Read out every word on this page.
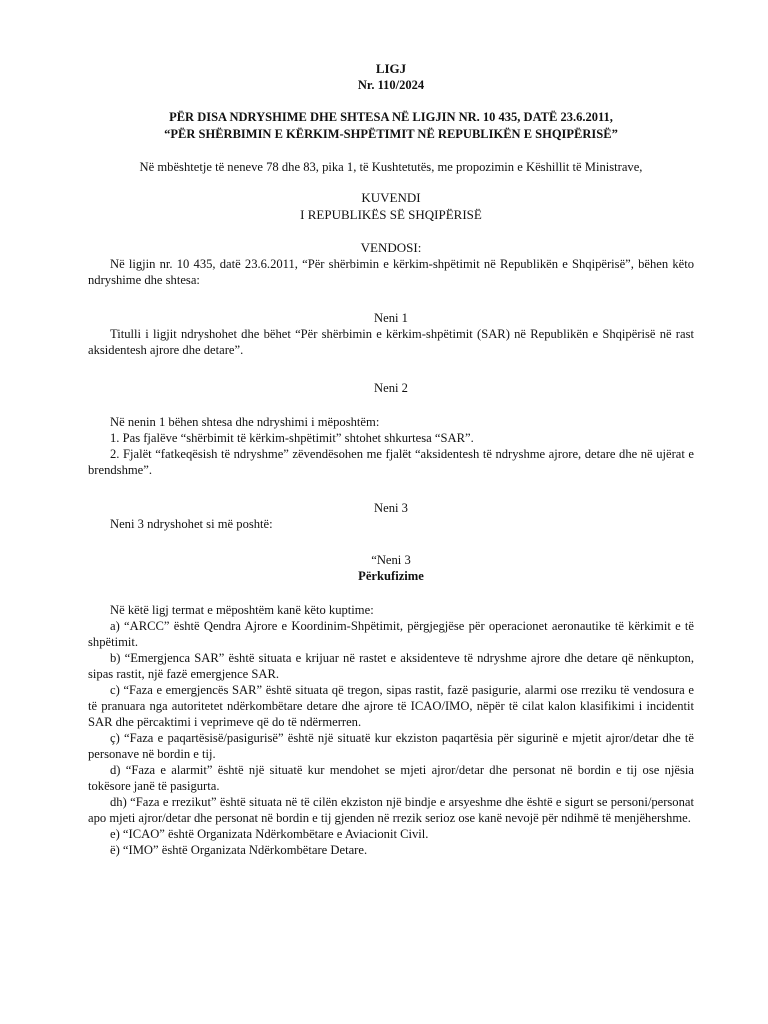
LIGJ
Nr. 110/2024
PËR DISA NDRYSHIME DHE SHTESA NË LIGJIN NR. 10 435, DATË 23.6.2011,
“PËR SHËRBIMIN E KËRKIM-SHPËTIMIT NË REPUBLIKËN E SHQIPËRISË”
Në mbështetje të neneve 78 dhe 83, pika 1, të Kushtetutës, me propozimin e Këshillit të Ministrave,
KUVENDI
I REPUBLIKËS SË SHQIPËRISË
VENDOSI:

Në ligjin nr. 10 435, datë 23.6.2011, “Për shërbimin e kërkim-shpëtimit në Republikën e Shqipërisë”, bëhen këto ndryshime dhe shtesa:

Neni 1

Titulli i ligjit ndryshohet dhe bëhet “Për shërbimin e kërkim-shpëtimit (SAR) në Republikën e Shqipërisë në rast aksidentesh ajrore dhe detare”.

Neni 2

Në nenin 1 bëhen shtesa dhe ndryshimi i mëposhtëm:

1. Pas fjalëve “shërbimit të kërkim-shpëtimit” shtohet shkurtesa “SAR”.

2. Fjalët “fatkeqësish të ndryshme” zëvendësohen me fjalët “aksidentesh të ndryshme ajrore, detare dhe në ujërat e brendshme”.

Neni 3

Neni 3 ndryshohet si më poshtë:

“Neni 3
Përkufizime

Në këtë ligj termat e mëposhtëm kanë këto kuptime:

a) “ARCC” është Qendra Ajrore e Koordinim-Shpëtimit, përgjegjëse për operacionet aeronautike të kërkimit e të shpëtimit.

b) “Emergjenca SAR” është situata e krijuar në rastet e aksidenteve të ndryshme ajrore dhe detare që nënkupton, sipas rastit, një fazë emergjence SAR.

c) “Faza e emergjencës SAR” është situata që tregon, sipas rastit, fazë pasigurie, alarmi ose rreziku të vendosura e të pranuara nga autoritetet ndërkombëtare detare dhe ajrore të ICAO/IMO, nëpër të cilat kalon klasifikimi i incidentit SAR dhe përcaktimi i veprimeve që do të ndërmerren.

ç) “Faza e paqartësisë/pasigurisë” është një situatë kur ekziston paqartësia për sigurinë e mjetit ajror/detar dhe të personave në bordin e tij.

d) “Faza e alarmit” është një situatë kur mendohet se mjeti ajror/detar dhe personat në bordin e tij ose njësia tokësore janë të pasigurta.

dh) “Faza e rrezikut” është situata në të cilën ekziston një bindje e arsyeshme dhe është e sigurt se personi/personat apo mjeti ajror/detar dhe personat në bordin e tij gjenden në rrezik serioz ose kanë nevojë për ndihmë të menjëhershme.

e) “ICAO” është Organizata Ndërkombëtare e Aviacionit Civil.

ë) “IMO” është Organizata Ndërkombëtare Detare.
